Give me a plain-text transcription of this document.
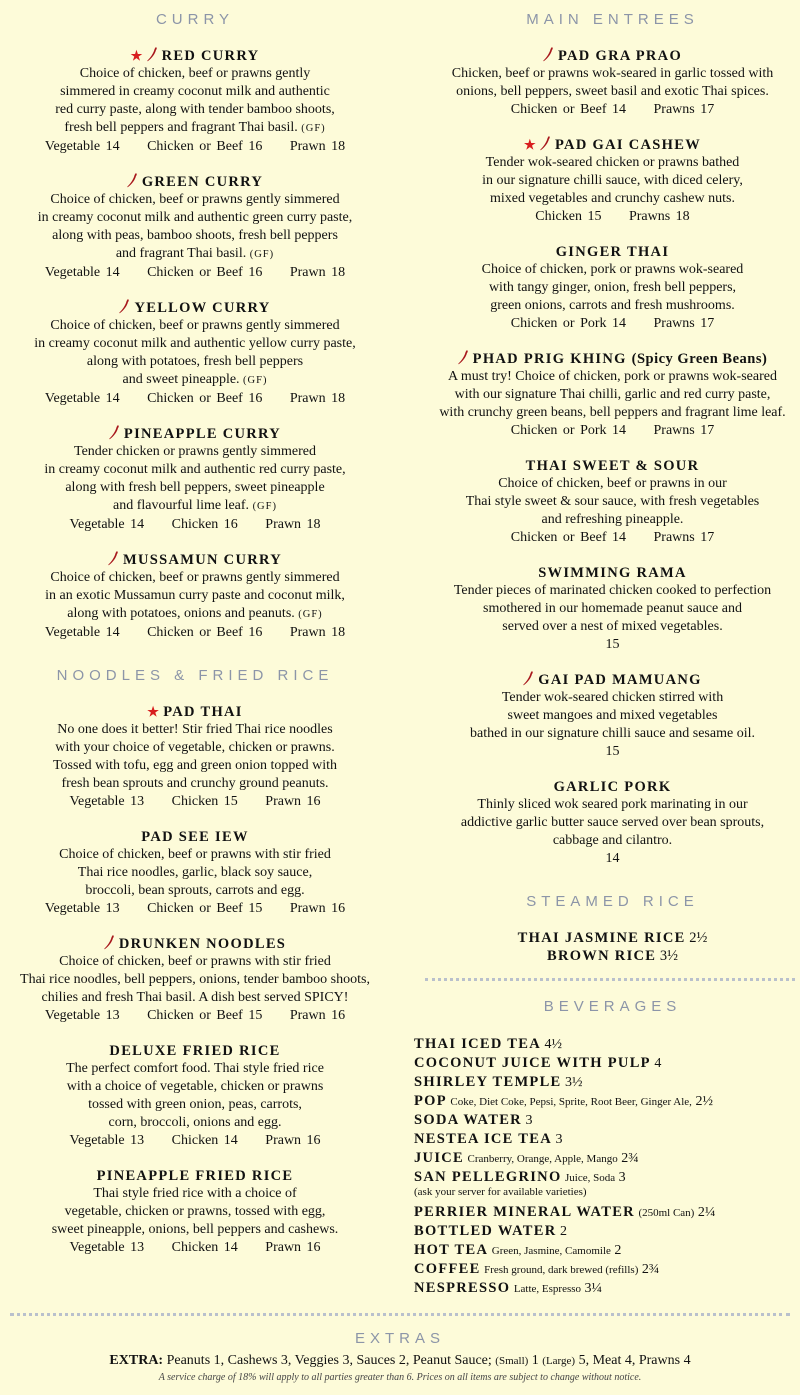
CURRY
★ RED CURRY
Choice of chicken, beef or prawns gently
simmered in creamy coconut milk and authentic
red curry paste, along with tender bamboo shoots,
fresh bell peppers and fragrant Thai basil. (GF)
Vegetable 14     Chicken or Beef 16     Prawn 18
GREEN CURRY
Choice of chicken, beef or prawns gently simmered
in creamy coconut milk and authentic green curry paste,
along with peas, bamboo shoots, fresh bell peppers
and fragrant Thai basil. (GF)
Vegetable 14     Chicken or Beef 16     Prawn 18
YELLOW CURRY
Choice of chicken, beef or prawns gently simmered
in creamy coconut milk and authentic yellow curry paste,
along with potatoes, fresh bell peppers
and sweet pineapple. (GF)
Vegetable 14     Chicken or Beef 16     Prawn 18
PINEAPPLE CURRY
Tender chicken or prawns gently simmered
in creamy coconut milk and authentic red curry paste,
along with fresh bell peppers, sweet pineapple
and flavourful lime leaf. (GF)
Vegetable 14     Chicken 16     Prawn 18
MUSSAMUN CURRY
Choice of chicken, beef or prawns gently simmered
in an exotic Mussamun curry paste and coconut milk,
along with potatoes, onions and peanuts. (GF)
Vegetable 14     Chicken or Beef 16     Prawn 18
NOODLES & FRIED RICE
★ PAD THAI
No one does it better! Stir fried Thai rice noodles
with your choice of vegetable, chicken or prawns.
Tossed with tofu, egg and green onion topped with
fresh bean sprouts and crunchy ground peanuts.
Vegetable 13     Chicken 15     Prawn 16
PAD SEE IEW
Choice of chicken, beef or prawns with stir fried
Thai rice noodles, garlic, black soy sauce,
broccoli, bean sprouts, carrots and egg.
Vegetable 13     Chicken or Beef 15     Prawn 16
DRUNKEN NOODLES
Choice of chicken, beef or prawns with stir fried
Thai rice noodles, bell peppers, onions, tender bamboo shoots,
chilies and fresh Thai basil. A dish best served SPICY!
Vegetable 13     Chicken or Beef 15     Prawn 16
DELUXE FRIED RICE
The perfect comfort food. Thai style fried rice
with a choice of vegetable, chicken or prawns
tossed with green onion, peas, carrots,
corn, broccoli, onions and egg.
Vegetable 13     Chicken 14     Prawn 16
PINEAPPLE FRIED RICE
Thai style fried rice with a choice of
vegetable, chicken or prawns, tossed with egg,
sweet pineapple, onions, bell peppers and cashews.
Vegetable 13     Chicken 14     Prawn 16
MAIN ENTREES
PAD GRA PRAO
Chicken, beef or prawns wok-seared in garlic tossed with
onions, bell peppers, sweet basil and exotic Thai spices.
Chicken or Beef 14     Prawns 17
★ PAD GAI CASHEW
Tender wok-seared chicken or prawns bathed
in our signature chilli sauce, with diced celery,
mixed vegetables and crunchy cashew nuts.
Chicken 15     Prawns 18
GINGER THAI
Choice of chicken, pork or prawns wok-seared
with tangy ginger, onion, fresh bell peppers,
green onions, carrots and fresh mushrooms.
Chicken or Pork 14     Prawns 17
PHAD PRIG KHING (Spicy Green Beans)
A must try! Choice of chicken, pork or prawns wok-seared
with our signature Thai chilli, garlic and red curry paste,
with crunchy green beans, bell peppers and fragrant lime leaf.
Chicken or Pork 14     Prawns 17
THAI SWEET & SOUR
Choice of chicken, beef or prawns in our
Thai style sweet & sour sauce, with fresh vegetables
and refreshing pineapple.
Chicken or Beef 14     Prawns 17
SWIMMING RAMA
Tender pieces of marinated chicken cooked to perfection
smothered in our homemade peanut sauce and
served over a nest of mixed vegetables.
15
GAI PAD MAMUANG
Tender wok-seared chicken stirred with
sweet mangoes and mixed vegetables
bathed in our signature chilli sauce and sesame oil.
15
GARLIC PORK
Thinly sliced wok seared pork marinating in our
addictive garlic butter sauce served over bean sprouts,
cabbage and cilantro.
14
STEAMED RICE
THAI JASMINE RICE 2½
BROWN RICE 3½
BEVERAGES
THAI ICED TEA 4½
COCONUT JUICE WITH PULP 4
SHIRLEY TEMPLE 3½
POP Coke, Diet Coke, Pepsi, Sprite, Root Beer, Ginger Ale, 2½
SODA WATER 3
NESTEA ICE TEA 3
JUICE Cranberry, Orange, Apple, Mango 2¾
SAN PELLEGRINO Juice, Soda 3
(ask your server for available varieties)
PERRIER MINERAL WATER (250ml Can) 2¼
BOTTLED WATER 2
HOT TEA Green, Jasmine, Camomile 2
COFFEE Fresh ground, dark brewed (refills) 2¾
NESPRESSO Latte, Espresso 3¼
EXTRAS
EXTRA: Peanuts 1, Cashews 3, Veggies 3, Sauces 2, Peanut Sauce; (Small) 1 (Large) 5, Meat 4, Prawns 4
A service charge of 18% will apply to all parties greater than 6. Prices on all items are subject to change without notice.
